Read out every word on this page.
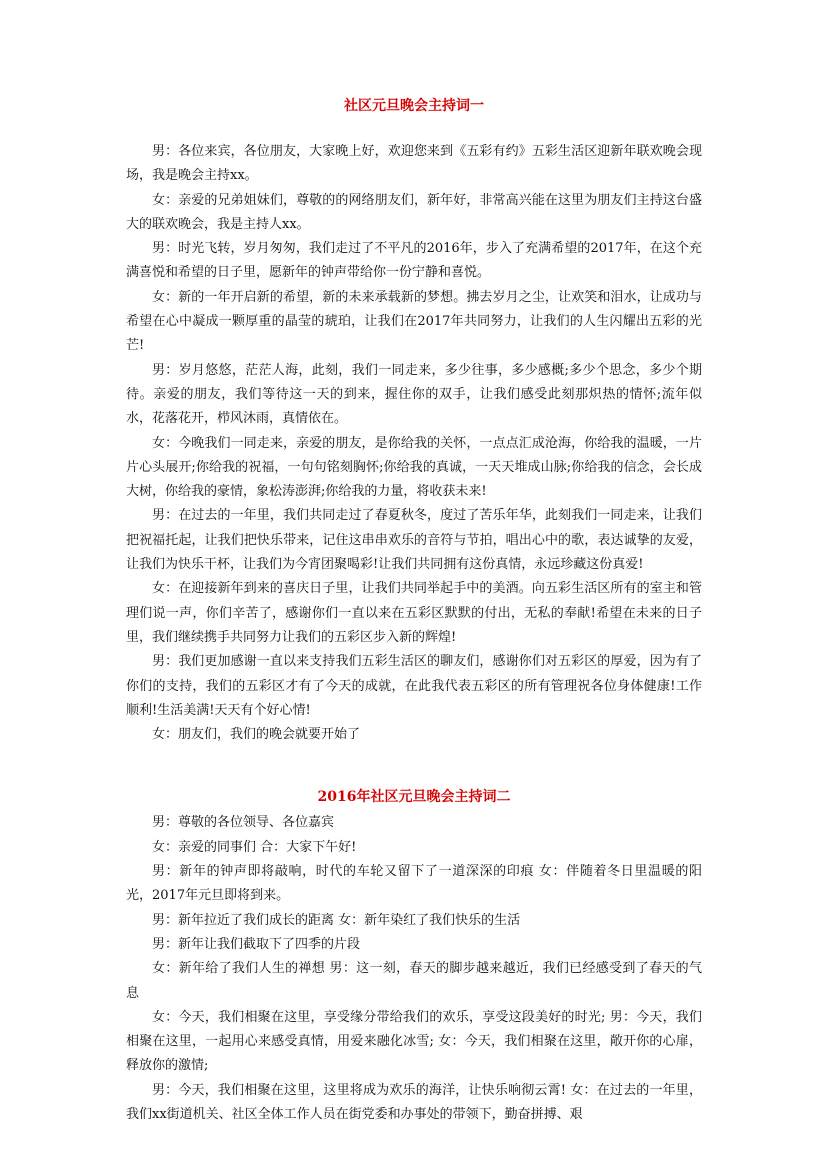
社区元旦晚会主持词一

男：各位来宾，各位朋友，大家晚上好，欢迎您来到《五彩有约》五彩生活区迎新年联欢晚会现场，我是晚会主持xx。

女：亲爱的兄弟姐妹们，尊敬的的网络朋友们，新年好，非常高兴能在这里为朋友们主持这台盛大的联欢晚会，我是主持人xx。

男：时光飞转，岁月匆匆，我们走过了不平凡的2016年，步入了充满希望的2017年，在这个充满喜悦和希望的日子里，愿新年的钟声带给你一份宁静和喜悦。

女：新的一年开启新的希望，新的未来承载新的梦想。拂去岁月之尘，让欢笑和泪水，让成功与希望在心中凝成一颗厚重的晶莹的琥珀，让我们在2017年共同努力，让我们的人生闪耀出五彩的光芒!

男：岁月悠悠，茫茫人海，此刻，我们一同走来，多少往事，多少感概;多少个思念，多少个期待。亲爱的朋友，我们等待这一天的到来，握住你的双手，让我们感受此刻那炽热的情怀;流年似水，花落花开，栉风沐雨，真情依在。

女：今晚我们一同走来，亲爱的朋友，是你给我的关怀，一点点汇成沧海，你给我的温暖，一片片心头展开;你给我的祝福，一句句铭刻胸怀;你给我的真诚，一天天堆成山脉;你给我的信念，会长成大树，你给我的豪情，象松涛澎湃;你给我的力量，将收获未来!

男：在过去的一年里，我们共同走过了春夏秋冬，度过了苦乐年华，此刻我们一同走来，让我们把祝福托起，让我们把快乐带来，记住这串串欢乐的音符与节拍，唱出心中的歌，表达诚挚的友爱，让我们为快乐干杯，让我们为今宵团聚喝彩!让我们共同拥有这份真情，永远珍藏这份真爱!

女：在迎接新年到来的喜庆日子里，让我们共同举起手中的美酒。向五彩生活区所有的室主和管理们说一声，你们辛苦了，感谢你们一直以来在五彩区默默的付出，无私的奉献!希望在未来的日子里，我们继续携手共同努力让我们的五彩区步入新的辉煌!

男：我们更加感谢一直以来支持我们五彩生活区的聊友们，感谢你们对五彩区的厚爱，因为有了你们的支持，我们的五彩区才有了今天的成就，在此我代表五彩区的所有管理祝各位身体健康!工作顺利!生活美满!天天有个好心情!

女：朋友们，我们的晚会就要开始了

2016年社区元旦晚会主持词二

男：尊敬的各位领导、各位嘉宾

女：亲爱的同事们 合：大家下午好!

男：新年的钟声即将敲响，时代的车轮又留下了一道深深的印痕 女：伴随着冬日里温暖的阳光，2017年元旦即将到来。

男：新年拉近了我们成长的距离 女：新年染红了我们快乐的生活

男：新年让我们截取下了四季的片段

女：新年给了我们人生的禅想 男：这一刻，春天的脚步越来越近，我们已经感受到了春天的气息

女：今天，我们相聚在这里，享受缘分带给我们的欢乐，享受这段美好的时光; 男：今天，我们相聚在这里，一起用心来感受真情，用爱来融化冰雪; 女：今天，我们相聚在这里，敞开你的心扉，释放你的激情;

男：今天，我们相聚在这里，这里将成为欢乐的海洋，让快乐响彻云霄! 女：在过去的一年里，我们xx街道机关、社区全体工作人员在街党委和办事处的带领下，勤奋拼搏、艰
